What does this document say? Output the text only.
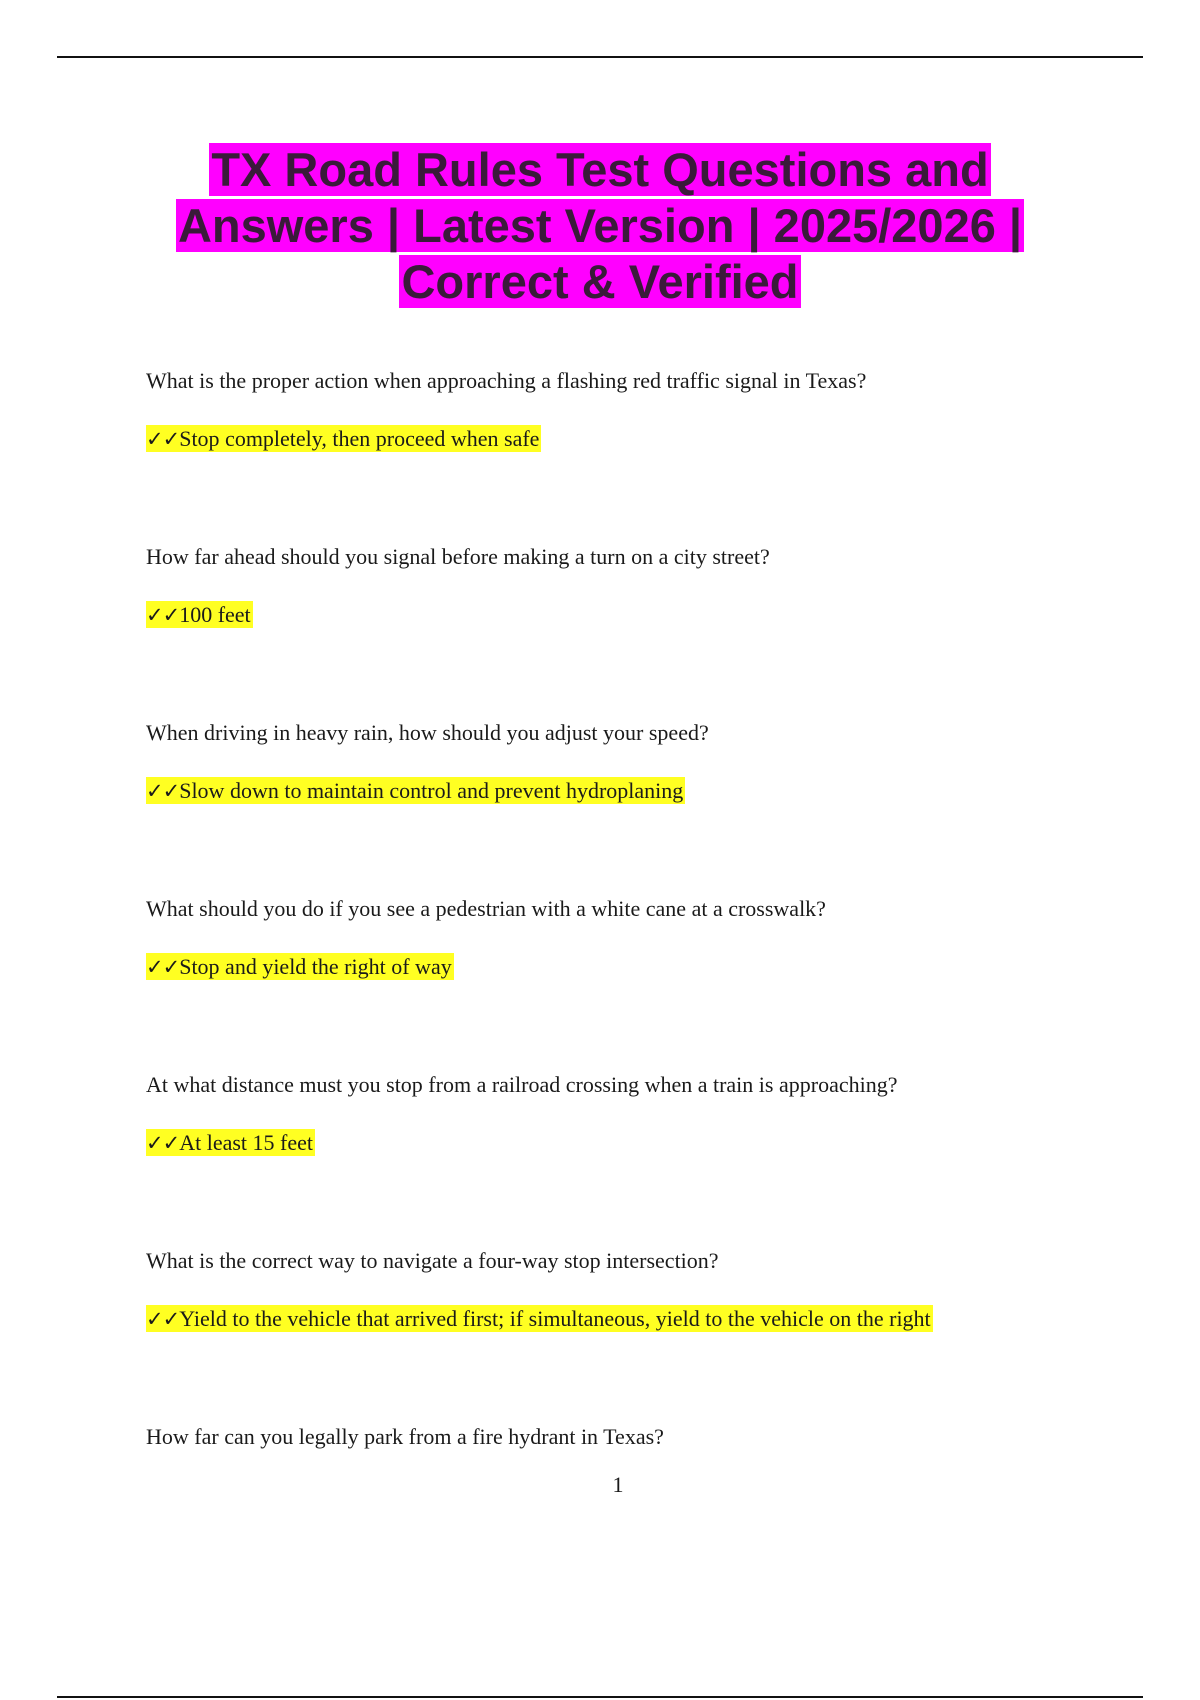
TX Road Rules Test Questions and
Answers | Latest Version | 2025/2026 |
Correct & Verified

What is the proper action when approaching a flashing red traffic signal in Texas?

✓✓Stop completely, then proceed when safe

How far ahead should you signal before making a turn on a city street?

✓✓100 feet

When driving in heavy rain, how should you adjust your speed?

✓✓Slow down to maintain control and prevent hydroplaning

What should you do if you see a pedestrian with a white cane at a crosswalk?

✓✓Stop and yield the right of way

At what distance must you stop from a railroad crossing when a train is approaching?

✓✓At least 15 feet

What is the correct way to navigate a four-way stop intersection?

✓✓Yield to the vehicle that arrived first; if simultaneous, yield to the vehicle on the right

How far can you legally park from a fire hydrant in Texas?

1
